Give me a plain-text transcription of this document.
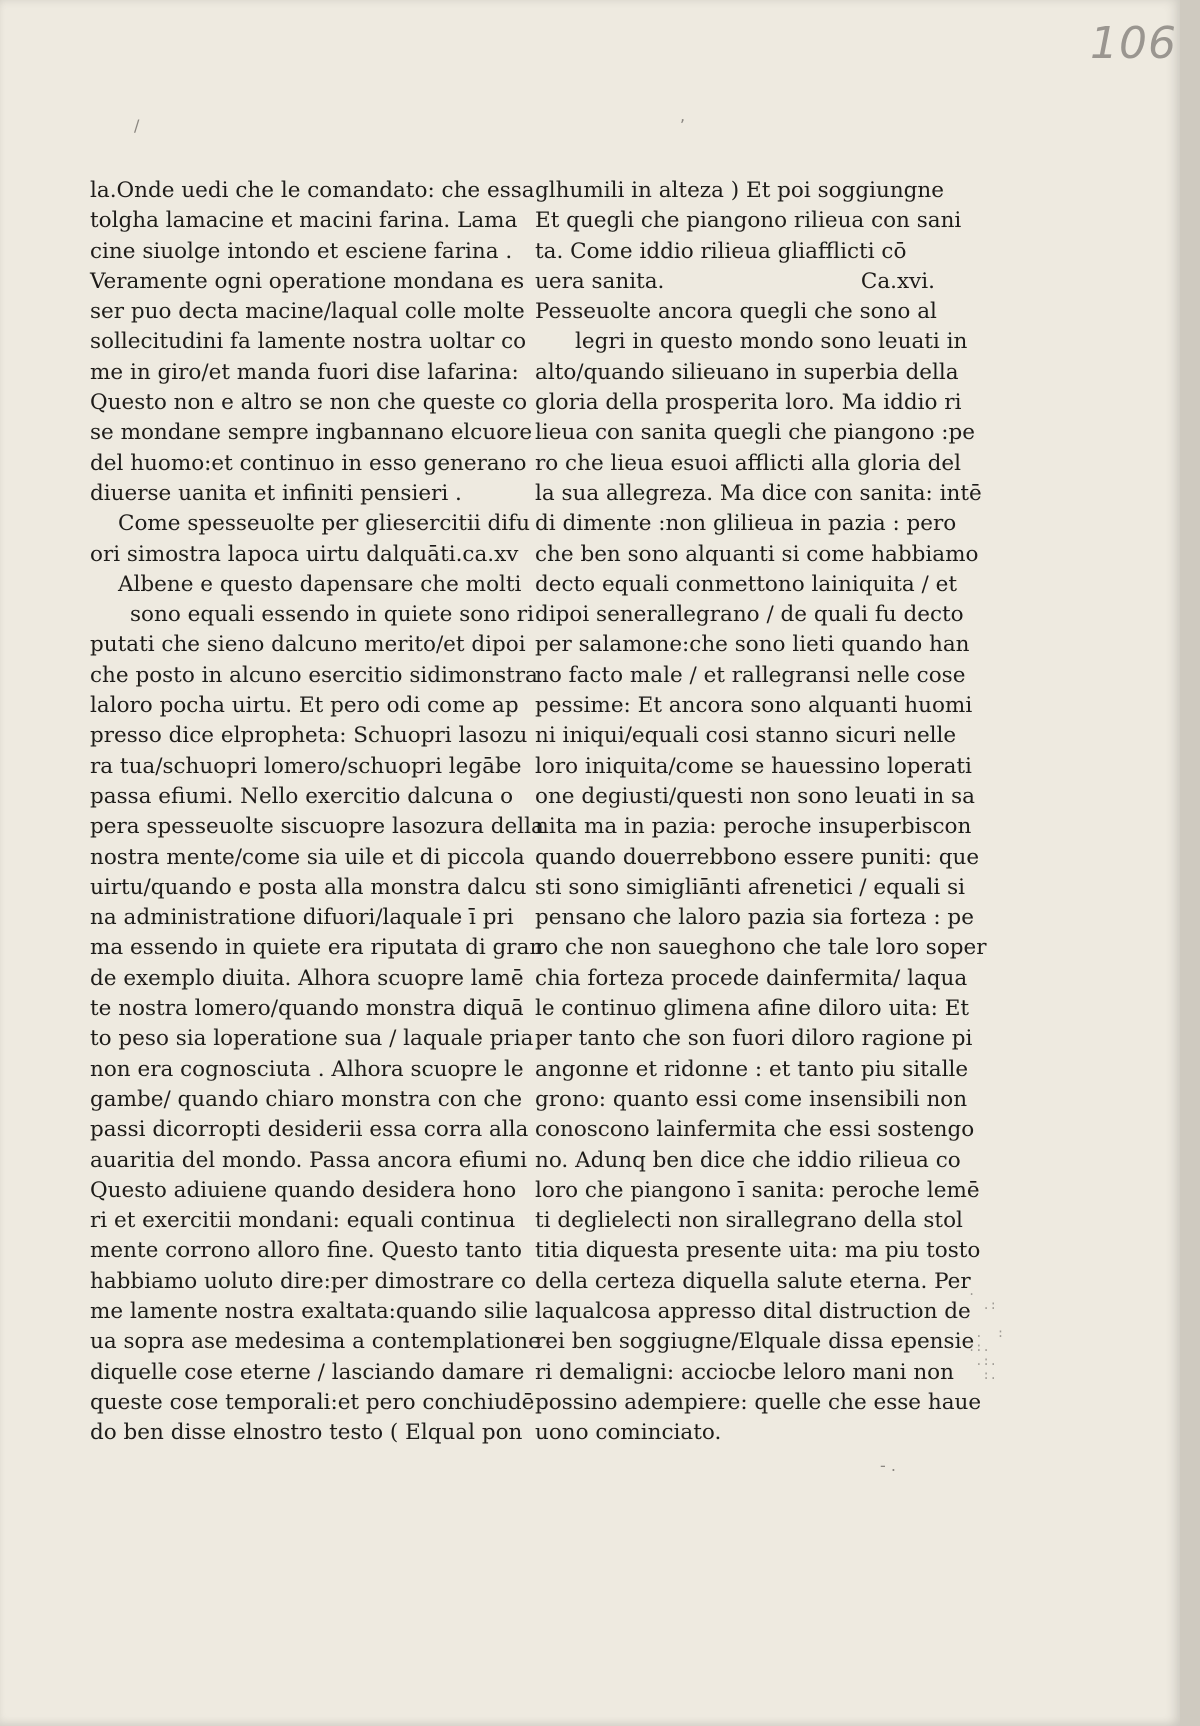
106
/
,
la.Onde uedi che le comandato: che essa
tolgha lamacine et macini farina. Lama
cine siuolge intondo et esciene farina .
Veramente ogni operatione mondana es
ser puo decta macine/laqual colle molte
sollecitudini fa lamente nostra uoltar co
me in giro/et manda fuori dise lafarina:
Questo non e altro se non che queste co
se mondane sempre ingbannano elcuore
del huomo:et continuo in esso generano
diuerse uanita et infiniti pensieri .
Come spesseuolte per gliesercitii difu
ori simostra lapoca uirtu dalquāti.ca.xv
Albene e questo dapensare che molti
sono equali essendo in quiete sono ri
putati che sieno dalcuno merito/et dipoi
che posto in alcuno esercitio sidimonstra
laloro pocha uirtu. Et pero odi come ap
presso dice elpropheta: Schuopri lasozu
ra tua/schuopri lomero/schuopri legābe
passa efiumi. Nello exercitio dalcuna o
pera spesseuolte siscuopre lasozura della
nostra mente/come sia uile et di piccola
uirtu/quando e posta alla monstra dalcu
na administratione difuori/laquale ī pri
ma essendo in quiete era riputata di gran
de exemplo diuita. Alhora scuopre lamē
te nostra lomero/quando monstra diquā
to peso sia loperatione sua / laquale pria
non era cognosciuta . Alhora scuopre le
gambe/ quando chiaro monstra con che
passi dicorropti desiderii essa corra alla
auaritia del mondo. Passa ancora efiumi
Questo adiuiene quando desidera hono
ri et exercitii mondani: equali continua
mente corrono alloro fine. Questo tanto
habbiamo uoluto dire:per dimostrare co
me lamente nostra exaltata:quando silie
ua sopra ase medesima a contemplatione
diquelle cose eterne / lasciando damare
queste cose temporali:et pero conchiudē
do ben disse elnostro testo ( Elqual pon
glhumili in alteza ) Et poi soggiungne
Et quegli che piangono rilieua con sani
ta. Come iddio rilieua gliafflicti cō
uera sanita.	Ca.xvi.
Pesseuolte ancora quegli che sono al
legri in questo mondo sono leuati in
alto/quando silieuano in superbia della
gloria della prosperita loro. Ma iddio ri
lieua con sanita quegli che piangono :pe
ro che lieua esuoi afflicti alla gloria del
la sua allegreza. Ma dice con sanita: intē
di dimente :non glilieua in pazia : pero
che ben sono alquanti si come habbiamo
decto equali conmettono lainiquita / et
dipoi senerallegrano / de quali fu decto
per salamone:che sono lieti quando han
no facto male / et rallegransi nelle cose
pessime: Et ancora sono alquanti huomi
ni iniqui/equali cosi stanno sicuri nelle
loro iniquita/come se hauessino loperati
one degiusti/questi non sono leuati in sa
nita ma in pazia: peroche insuperbiscon
quando douerrebbono essere puniti: que
sti sono simigliānti afrenetici / equali si
pensano che laloro pazia sia forteza : pe
ro che non saueghono che tale loro soper
chia forteza procede dainfermita/ laqua
le continuo glimena afine diloro uita: Et
per tanto che son fuori diloro ragione pi
angonne et ridonne : et tanto piu sitalle
grono: quanto essi come insensibili non
conoscono lainfermita che essi sostengo
no. Adunq ben dice che iddio rilieua co
loro che piangono ī sanita: peroche lemē
ti deglielecti non sirallegrano della stol
titia diquesta presente uita: ma piu tosto
della certeza diquella salute eterna. Per
laqualcosa appresso dital distruction de
rei ben soggiugne/Elquale dissa epensie
ri demaligni: acciocbe leloro mani non
possino adempiere: quelle che esse haue
uono cominciato.
.
.:

.  :
::.
.:.
:.
- .
